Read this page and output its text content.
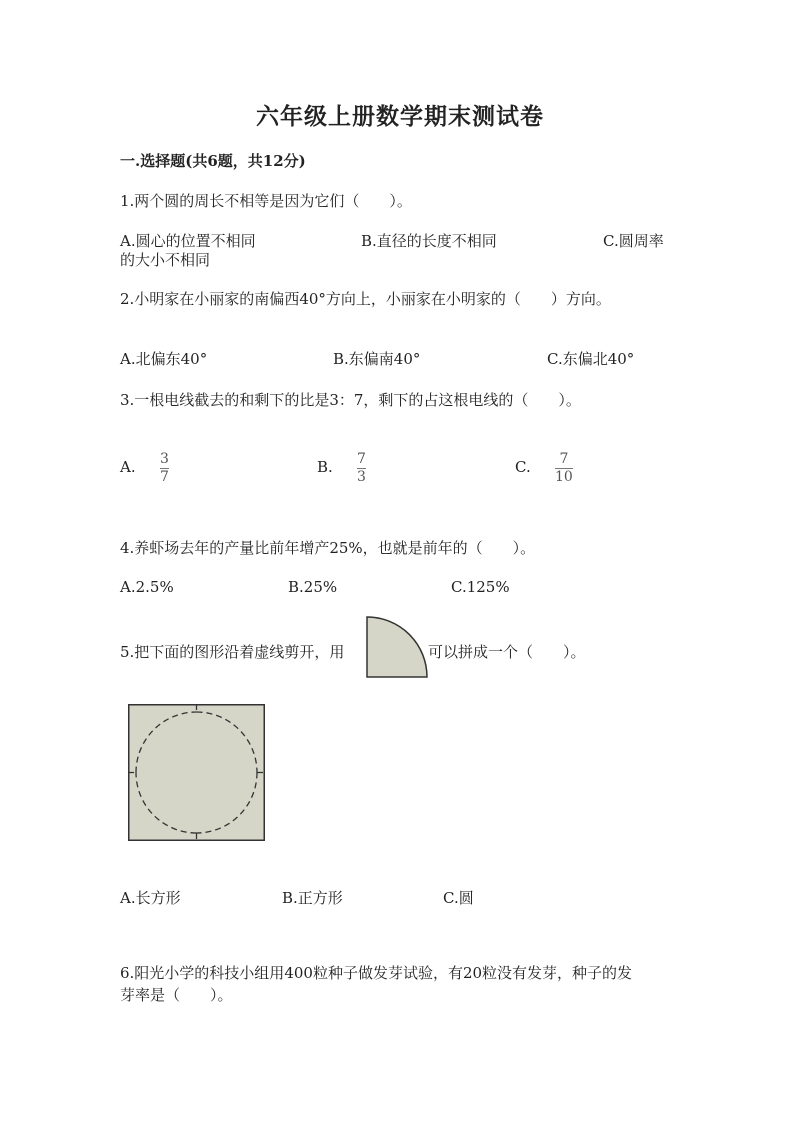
六年级上册数学期末测试卷
一.选择题(共6题，共12分)
1.两个圆的周长不相等是因为它们（　　）。
A.圆心的位置不相同	B.直径的长度不相同	C.圆周率
的大小不相同
2.小明家在小丽家的南偏西40°方向上，小丽家在小明家的（　　）方向。
A.北偏东40°	B.东偏南40°	C.东偏北40°
3.一根电线截去的和剩下的比是3：7，剩下的占这根电线的（　　）。
A. 3
7
B. 7
3
C. 7
10
4.养虾场去年的产量比前年增产25%，也就是前年的（　　）。
A.2.5%	B.25%	C.125%
5.把下面的图形沿着虚线剪开，用	可以拼成一个（　　）。
A.长方形	B.正方形	C.圆
6.阳光小学的科技小组用400粒种子做发芽试验，有20粒没有发芽，种子的发
芽率是（　　）。
